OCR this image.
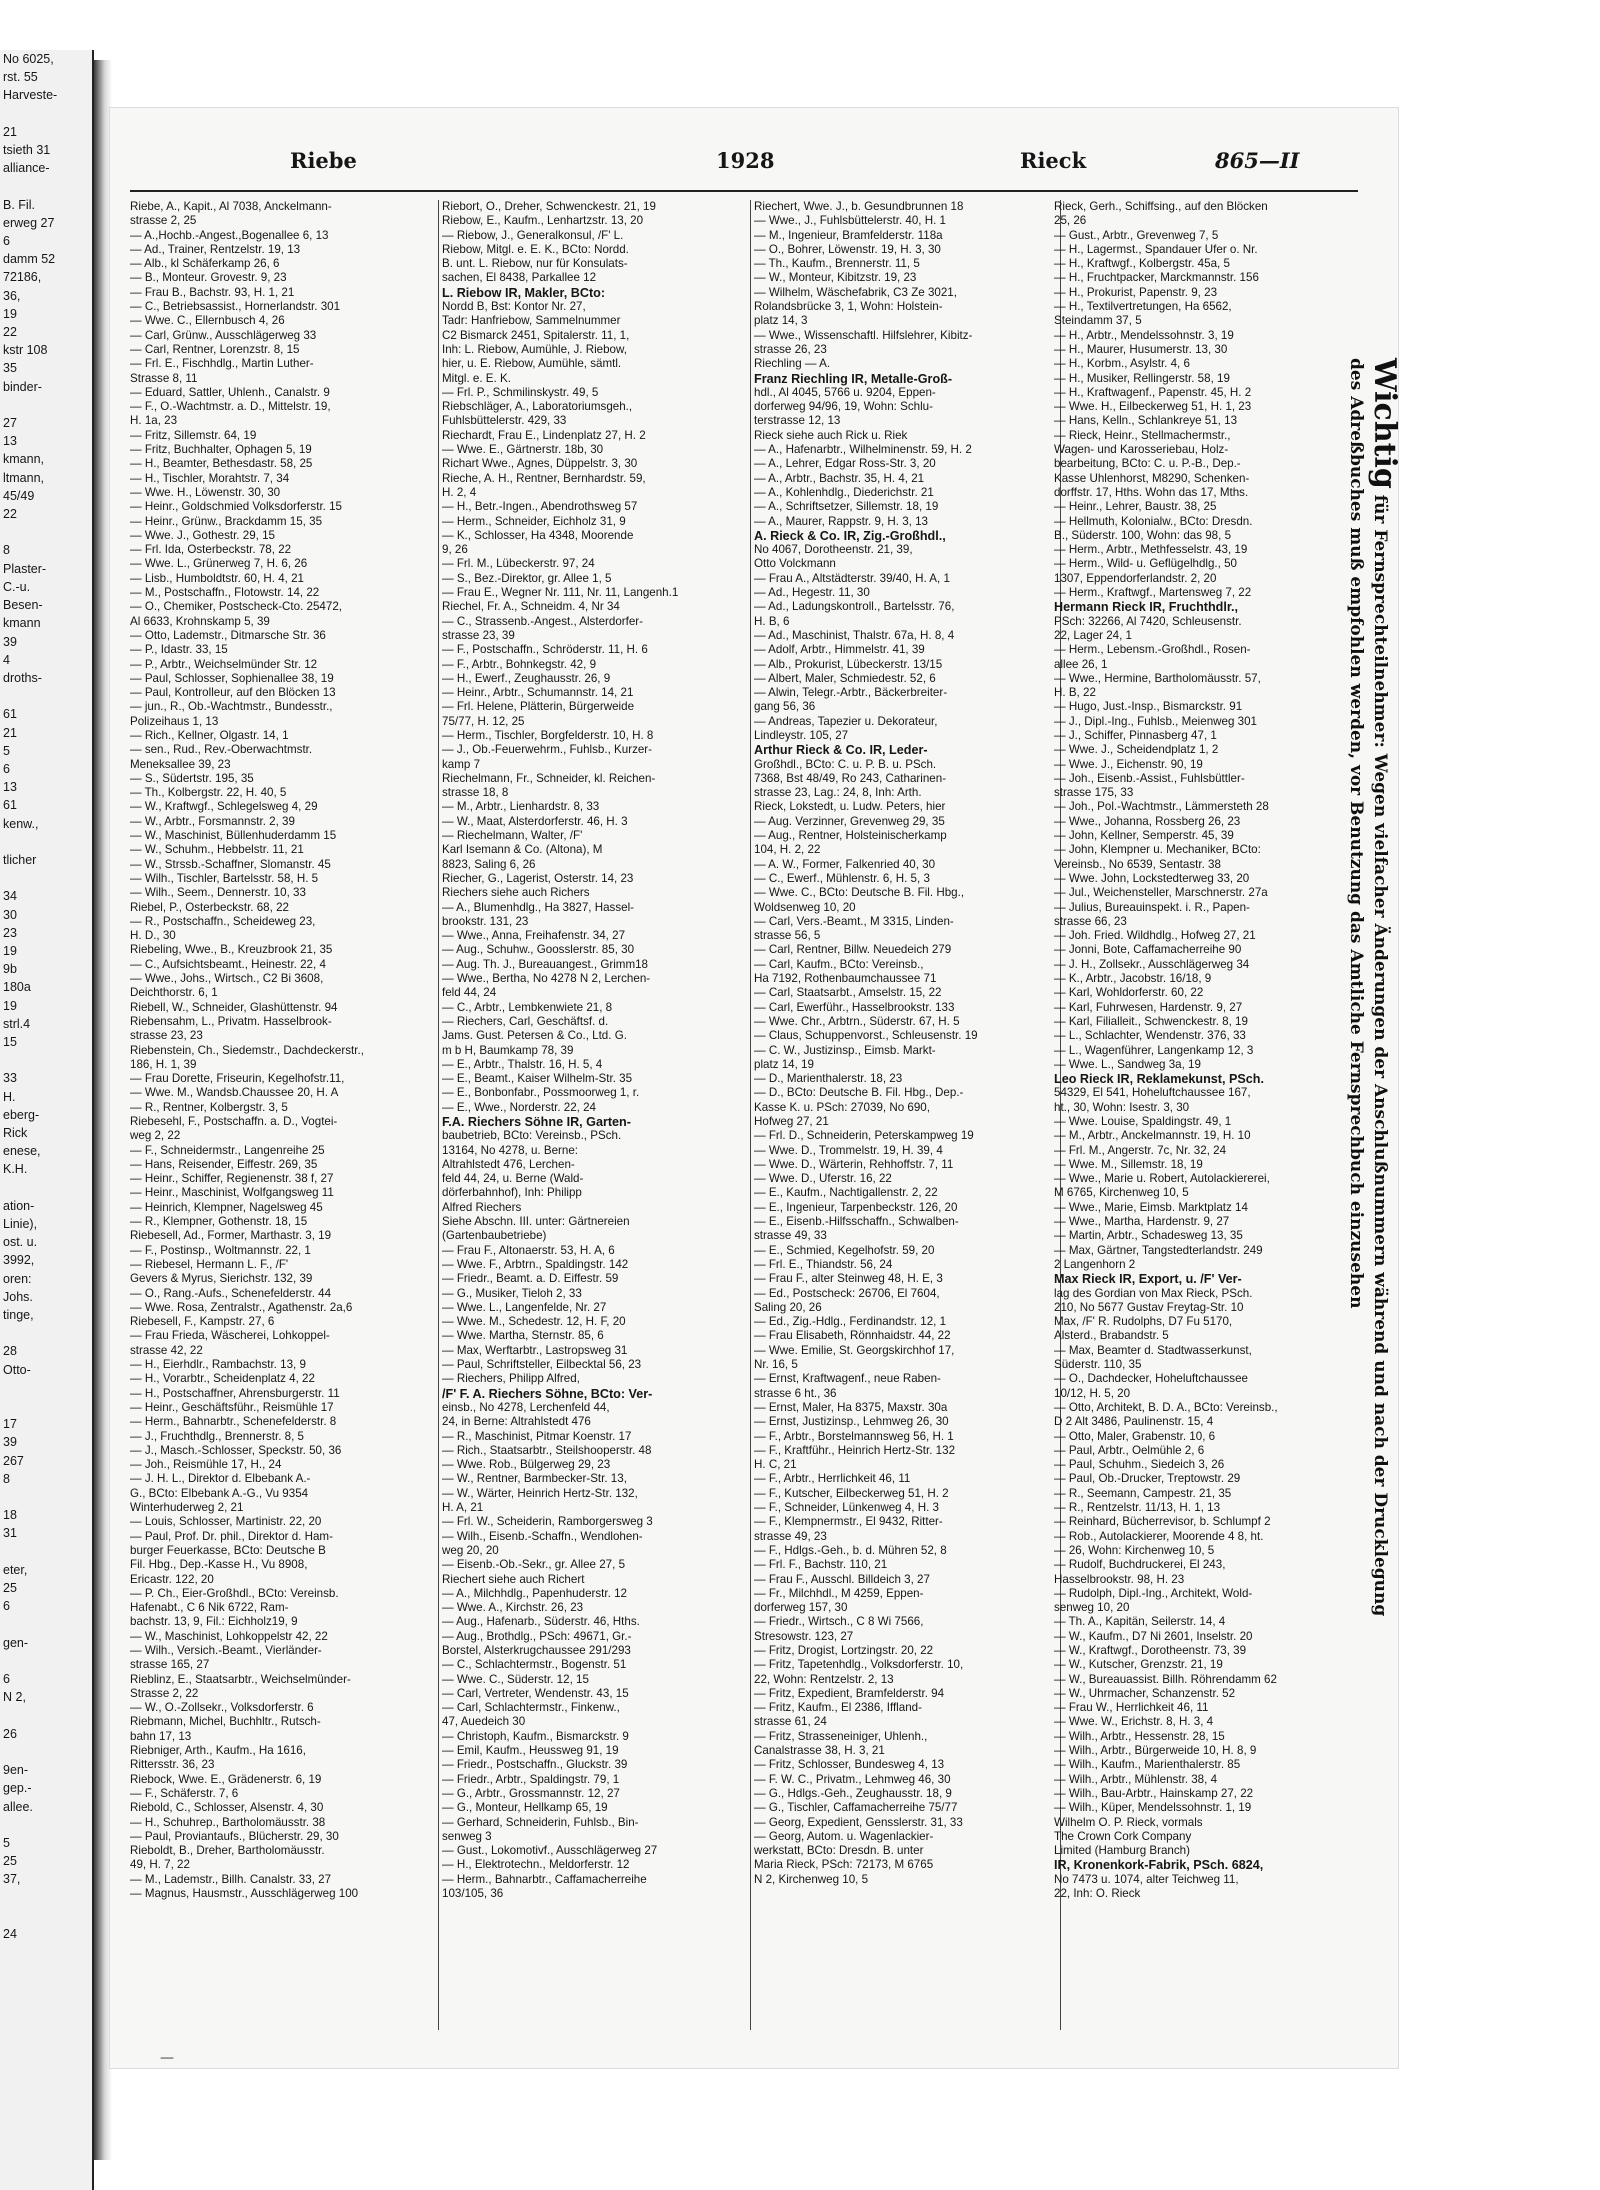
No 6025,
rst. 55
Harveste-

21
tsieth 31
alliance-

B. Fil.
erweg 27
6
damm 52
72186,
36,
19
22
kstr 108
35
binder-

27
13
kmann,
ltmann,
45/49
22

8
Plaster-
C.-u.
Besen-
kmann
39
4
droths-

61
21
5
6
13
61
kenw.,

tlicher

34
30
23
19
9b
180a
19
strl.4
15

33
H.
eberg-
Rick
enese,
K.H.

ation-
Linie),
ost. u.
3992,
oren:
Johs.
tinge,

28
Otto-

17
39
267
8

18
31

eter,
25
6

gen-

6
N 2,

26

9en-
gep.-
allee.

5
25
37,

24

Riebe	1928	Rieck	865—II
Riebe, A., Kapit., Al 7038, Anckelmann-
strasse 2, 25
— A.,Hochb.-Angest.,Bogenallee 6, 13
— Ad., Trainer, Rentzelstr. 19, 13
— Alb., kl Schäferkamp 26, 6
— B., Monteur. Grovestr. 9, 23
— Frau B., Bachstr. 93, H. 1, 21
— C., Betriebsassist., Hornerlandstr. 301
— Wwe. C., Ellernbusch 4, 26
— Carl, Grünw., Ausschlägerweg 33
— Carl, Rentner, Lorenzstr. 8, 15
— Frl. E., Fischhdlg., Martin Luther-
Strasse 8, 11
— Eduard, Sattler, Uhlenh., Canalstr. 9
— F., O.-Wachtmstr. a. D., Mittelstr. 19,
H. 1a, 23
— Fritz, Sillemstr. 64, 19
— Fritz, Buchhalter, Ophagen 5, 19
— H., Beamter, Bethesdastr. 58, 25
— H., Tischler, Morahtstr. 7, 34
— Wwe. H., Löwenstr. 30, 30
— Heinr., Goldschmied Volksdorferstr. 15
— Heinr., Grünw., Brackdamm 15, 35
— Wwe. J., Gothestr. 29, 15
— Frl. Ida, Osterbeckstr. 78, 22
— Wwe. L., Grünerweg 7, H. 6, 26
— Lisb., Humboldtstr. 60, H. 4, 21
— M., Postschaffn., Flotowstr. 14, 22
— O., Chemiker, Postscheck-Cto. 25472,
Al 6633, Krohnskamp 5, 39
— Otto, Lademstr., Ditmarsche Str. 36
— P., Idastr. 33, 15
— P., Arbtr., Weichselmünder Str. 12
— Paul, Schlosser, Sophienallee 38, 19
— Paul, Kontrolleur, auf den Blöcken 13
— jun., R., Ob.-Wachtmstr., Bundesstr.,
Polizeihaus 1, 13
— Rich., Kellner, Olgastr. 14, 1
— sen., Rud., Rev.-Oberwachtmstr.
Meneksallee 39, 23
— S., Südertstr. 195, 35
— Th., Kolbergstr. 22, H. 40, 5
— W., Kraftwgf., Schlegelsweg 4, 29
— W., Arbtr., Forsmannstr. 2, 39
— W., Maschinist, Büllenhuderdamm 15
— W., Schuhm., Hebbelstr. 11, 21
— W., Strssb.-Schaffner, Slomanstr. 45
— Wilh., Tischler, Bartelsstr. 58, H. 5
— Wilh., Seem., Dennerstr. 10, 33
Riebel, P., Osterbeckstr. 68, 22
— R., Postschaffn., Scheideweg 23,
H. D., 30
Riebeling, Wwe., B., Kreuzbrook 21, 35
— C., Aufsichtsbeamt., Heinestr. 22, 4
— Wwe., Johs., Wirtsch., C2 Bi 3608,
Deichthorstr. 6, 1
Riebell, W., Schneider, Glashüttenstr. 94
Riebensahm, L., Privatm. Hasselbrook-
strasse 23, 23
Riebenstein, Ch., Siedemstr., Dachdeckerstr.,
186, H. 1, 39
— Frau Dorette, Friseurin, Kegelhofstr.11,
— Wwe. M., Wandsb.Chaussee 20, H. A
— R., Rentner, Kolbergstr. 3, 5
Riebesehl, F., Postschaffn. a. D., Vogtei-
weg 2, 22
— F., Schneidermstr., Langenreihe 25
— Hans, Reisender, Eiffestr. 269, 35
— Heinr., Schiffer, Regienenstr. 38 f, 27
— Heinr., Maschinist, Wolfgangsweg 11
— Heinrich, Klempner, Nagelsweg 45
— R., Klempner, Gothenstr. 18, 15
Riebesell, Ad., Former, Marthastr. 3, 19
— F., Postinsp., Woltmannstr. 22, 1
— Riebesel, Hermann L. F., /F'
Gevers & Myrus, Sierichstr. 132, 39
— O., Rang.-Aufs., Schenefelderstr. 44
— Wwe. Rosa, Zentralstr., Agathenstr. 2a,6
Riebesell, F., Kampstr. 27, 6
— Frau Frieda, Wäscherei, Lohkoppel-
strasse 42, 22
— H., Eierhdlr., Rambachstr. 13, 9
— H., Vorarbtr., Scheidenplatz 4, 22
— H., Postschaffner, Ahrensburgerstr. 11
— Heinr., Geschäftsführ., Reismühle 17
— Herm., Bahnarbtr., Schenefelderstr. 8
— J., Fruchthdlg., Brennerstr. 8, 5
— J., Masch.-Schlosser, Speckstr. 50, 36
— Joh., Reismühle 17, H., 24
— J. H. L., Direktor d. Elbebank A.-
G., BCto: Elbebank A.-G., Vu 9354
Winterhuderweg 2, 21
— Louis, Schlosser, Martinistr. 22, 20
— Paul, Prof. Dr. phil., Direktor d. Ham-
burger Feuerkasse, BCto: Deutsche B
Fil. Hbg., Dep.-Kasse H., Vu 8908,
Ericastr. 122, 20
— P. Ch., Eier-Großhdl., BCto: Vereinsb.
Hafenabt., C 6 Nik 6722, Ram-
bachstr. 13, 9, Fil.: Eichholz19, 9
— W., Maschinist, Lohkoppelstr 42, 22
— Wilh., Versich.-Beamt., Vierländer-
strasse 165, 27
Rieblinz, E., Staatsarbtr., Weichselmünder-
Strasse 2, 22
— W., O.-Zollsekr., Volksdorferstr. 6
Riebmann, Michel, Buchhltr., Rutsch-
bahn 17, 13
Riebniger, Arth., Kaufm., Ha 1616,
Rittersstr. 36, 23
Riebock, Wwe. E., Grädenerstr. 6, 19
— F., Schäferstr. 7, 6
Riebold, C., Schlosser, Alsenstr. 4, 30
— H., Schuhrep., Bartholomäusstr. 38
— Paul, Proviantaufs., Blücherstr. 29, 30
Rieboldt, B., Dreher, Bartholomäusstr.
49, H. 7, 22
— M., Lademstr., Billh. Canalstr. 33, 27
— Magnus, Hausmstr., Ausschlägerweg 100
Riebort, O., Dreher, Schwenckestr. 21, 19
Riebow, E., Kaufm., Lenhartzstr. 13, 20
— Riebow, J., Generalkonsul, /F' L.
Riebow, Mitgl. e. E. K., BCto: Nordd.
B. unt. L. Riebow, nur für Konsulats-
sachen, El 8438, Parkallee 12
L. Riebow IR, Makler, BCto:
Nordd B, Bst: Kontor Nr. 27,
Tadr: Hanfriebow, Sammelnummer
C2 Bismarck 2451, Spitalerstr. 11, 1,
Inh: L. Riebow, Aumühle, J. Riebow,
hier, u. E. Riebow, Aumühle, sämtl.
Mitgl. e. E. K.
— Frl. P., Schmilinskystr. 49, 5
Riebschläger, A., Laboratoriumsgeh.,
Fuhlsbüttelerstr. 429, 33
Riechardt, Frau E., Lindenplatz 27, H. 2
— Wwe. E., Gärtnerstr. 18b, 30
Richart Wwe., Agnes, Düppelstr. 3, 30
Rieche, A. H., Rentner, Bernhardstr. 59,
H. 2, 4
— H., Betr.-Ingen., Abendrothsweg 57
— Herm., Schneider, Eichholz 31, 9
— K., Schlosser, Ha 4348, Moorende
9, 26
— Frl. M., Lübeckerstr. 97, 24
— S., Bez.-Direktor, gr. Allee 1, 5
— Frau E., Wegner Nr. 111, Nr. 11, Langenh.1
Riechel, Fr. A., Schneidm. 4, Nr 34
— C., Strassenb.-Angest., Alsterdorfer-
strasse 23, 39
— F., Postschaffn., Schröderstr. 11, H. 6
— F., Arbtr., Bohnkegstr. 42, 9
— H., Ewerf., Zeughausstr. 26, 9
— Heinr., Arbtr., Schumannstr. 14, 21
— Frl. Helene, Plätterin, Bürgerweide
75/77, H. 12, 25
— Herm., Tischler, Borgfelderstr. 10, H. 8
— J., Ob.-Feuerwehrm., Fuhlsb., Kurzer-
kamp 7
Riechelmann, Fr., Schneider, kl. Reichen-
strasse 18, 8
— M., Arbtr., Lienhardstr. 8, 33
— W., Maat, Alsterdorferstr. 46, H. 3
— Riechelmann, Walter, /F'
Karl Isemann & Co. (Altona), M
8823, Saling 6, 26
Riecher, G., Lagerist, Osterstr. 14, 23
Riechers siehe auch Richers
— A., Blumenhdlg., Ha 3827, Hassel-
brookstr. 131, 23
— Wwe., Anna, Freihafenstr. 34, 27
— Aug., Schuhw., Goosslerstr. 85, 30
— Aug. Th. J., Bureauangest., Grimm18
— Wwe., Bertha, No 4278 N 2, Lerchen-
feld 44, 24
— C., Arbtr., Lembkenwiete 21, 8
— Riechers, Carl, Geschäftsf. d.
Jams. Gust. Petersen & Co., Ltd. G.
m b H, Baumkamp 78, 39
— E., Arbtr., Thalstr. 16, H. 5, 4
— E., Beamt., Kaiser Wilhelm-Str. 35
— E., Bonbonfabr., Possmoorweg 1, r.
— E., Wwe., Norderstr. 22, 24
F.A. Riechers Söhne IR, Garten-
baubetrieb, BCto: Vereinsb., PSch.
13164, No 4278, u. Berne:
Altrahlstedt 476, Lerchen-
feld 44, 24, u. Berne (Wald-
dörferbahnhof), Inh: Philipp
Alfred Riechers
Siehe Abschn. III. unter: Gärtnereien
(Gartenbaubetriebe)
— Frau F., Altonaerstr. 53, H. A, 6
— Wwe. F., Arbtrn., Spaldingstr. 142
— Friedr., Beamt. a. D. Eiffestr. 59
— G., Musiker, Tieloh 2, 33
— Wwe. L., Langenfelde, Nr. 27
— Wwe. M., Schedestr. 12, H. F, 20
— Wwe. Martha, Sternstr. 85, 6
— Max, Werftarbtr., Lastropsweg 31
— Paul, Schriftsteller, Eilbecktal 56, 23
— Riechers, Philipp Alfred,
/F' F. A. Riechers Söhne, BCto: Ver-
einsb., No 4278, Lerchenfeld 44,
24, in Berne: Altrahlstedt 476
— R., Maschinist, Pitmar Koenstr. 17
— Rich., Staatsarbtr., Steilshooperstr. 48
— Wwe. Rob., Bülgerweg 29, 23
— W., Rentner, Barmbecker-Str. 13,
— W., Wärter, Heinrich Hertz-Str. 132,
H. A, 21
— Frl. W., Scheiderin, Ramborgersweg 3
— Wilh., Eisenb.-Schaffn., Wendlohen-
weg 20, 20
— Eisenb.-Ob.-Sekr., gr. Allee 27, 5
Riechert siehe auch Richert
— A., Milchhdlg., Papenhuderstr. 12
— Wwe. A., Kirchstr. 26, 23
— Aug., Hafenarb., Süderstr. 46, Hths.
— Aug., Brothdlg., PSch: 49671, Gr.-
Borstel, Alsterkrugchaussee 291/293
— C., Schlachtermstr., Bogenstr. 51
— Wwe. C., Süderstr. 12, 15
— Carl, Vertreter, Wendenstr. 43, 15
— Carl, Schlachtermstr., Finkenw.,
47, Auedeich 30
— Christoph, Kaufm., Bismarckstr. 9
— Emil, Kaufm., Heussweg 91, 19
— Friedr., Postschaffn., Gluckstr. 39
— Friedr., Arbtr., Spaldingstr. 79, 1
— G., Arbtr., Grossmannstr. 12, 27
— G., Monteur, Hellkamp 65, 19
— Gerhard, Schneiderin, Fuhlsb., Bin-
senweg 3
— Gust., Lokomotivf., Ausschlägerweg 27
— H., Elektrotechn., Meldorferstr. 12
— Herm., Bahnarbtr., Caffamacherreihe
103/105, 36
Riechert, Wwe. J., b. Gesundbrunnen 18
— Wwe., J., Fuhlsbüttelerstr. 40, H. 1
— M., Ingenieur, Bramfelderstr. 118a
— O., Bohrer, Löwenstr. 19, H. 3, 30
— Th., Kaufm., Brennerstr. 11, 5
— W., Monteur, Kibitzstr. 19, 23
— Wilhelm, Wäschefabrik, C3 Ze 3021,
Rolandsbrücke 3, 1, Wohn: Holstein-
platz 14, 3
— Wwe., Wissenschaftl. Hilfslehrer, Kibitz-
strasse 26, 23
Riechling — A.
Franz Riechling IR, Metalle-Groß-
hdl., Al 4045, 5766 u. 9204, Eppen-
dorferweg 94/96, 19, Wohn: Schlu-
terstrasse 12, 13
Rieck siehe auch Rick u. Riek
— A., Hafenarbtr., Wilhelminenstr. 59, H. 2
— A., Lehrer, Edgar Ross-Str. 3, 20
— A., Arbtr., Bachstr. 35, H. 4, 21
— A., Kohlenhdlg., Diederichstr. 21
— A., Schriftsetzer, Sillemstr. 18, 19
— A., Maurer, Rappstr. 9, H. 3, 13
A. Rieck & Co. IR, Zig.-Großhdl.,
No 4067, Dorotheenstr. 21, 39,
Otto Volckmann
— Frau A., Altstädterstr. 39/40, H. A, 1
— Ad., Hegestr. 11, 30
— Ad., Ladungskontroll., Bartelsstr. 76,
H. B, 6
— Ad., Maschinist, Thalstr. 67a, H. 8, 4
— Adolf, Arbtr., Himmelstr. 41, 39
— Alb., Prokurist, Lübeckerstr. 13/15
— Albert, Maler, Schmiedestr. 52, 6
— Alwin, Telegr.-Arbtr., Bäckerbreiter-
gang 56, 36
— Andreas, Tapezier u. Dekorateur,
Lindleystr. 105, 27
Arthur Rieck & Co. IR, Leder-
Großhdl., BCto: C. u. P. B. u. PSch.
7368, Bst 48/49, Ro 243, Catharinen-
strasse 23, Lag.: 24, 8, Inh: Arth.
Rieck, Lokstedt, u. Ludw. Peters, hier
— Aug. Verzinner, Grevenweg 29, 35
— Aug., Rentner, Holsteinischerkamp
104, H. 2, 22
— A. W., Former, Falkenried 40, 30
— C., Ewerf., Mühlenstr. 6, H. 5, 3
— Wwe. C., BCto: Deutsche B. Fil. Hbg.,
Woldsenweg 10, 20
— Carl, Vers.-Beamt., M 3315, Linden-
strasse 56, 5
— Carl, Rentner, Billw. Neuedeich 279
— Carl, Kaufm., BCto: Vereinsb.,
Ha 7192, Rothenbaumchaussee 71
— Carl, Staatsarbt., Amselstr. 15, 22
— Carl, Ewerführ., Hasselbrookstr. 133
— Wwe. Chr., Arbtrn., Süderstr. 67, H. 5
— Claus, Schuppenvorst., Schleusenstr. 19
— C. W., Justizinsp., Eimsb. Markt-
platz 14, 19
— D., Marienthalerstr. 18, 23
— D., BCto: Deutsche B. Fil. Hbg., Dep.-
Kasse K. u. PSch: 27039, No 690,
Hofweg 27, 21
— Frl. D., Schneiderin, Peterskampweg 19
— Wwe. D., Trommelstr. 19, H. 39, 4
— Wwe. D., Wärterin, Rehhoffstr. 7, 11
— Wwe. D., Uferstr. 16, 22
— E., Kaufm., Nachtigallenstr. 2, 22
— E., Ingenieur, Tarpenbeckstr. 126, 20
— E., Eisenb.-Hilfsschaffn., Schwalben-
strasse 49, 33
— E., Schmied, Kegelhofstr. 59, 20
— Frl. E., Thiandstr. 56, 24
— Frau F., alter Steinweg 48, H. E, 3
— Ed., Postscheck: 26706, El 7604,
Saling 20, 26
— Ed., Zig.-Hdlg., Ferdinandstr. 12, 1
— Frau Elisabeth, Rönnhaidstr. 44, 22
— Wwe. Emilie, St. Georgskirchhof 17,
Nr. 16, 5
— Ernst, Kraftwagenf., neue Raben-
strasse 6 ht., 36
— Ernst, Maler, Ha 8375, Maxstr. 30a
— Ernst, Justizinsp., Lehmweg 26, 30
— F., Arbtr., Borstelmannsweg 56, H. 1
— F., Kraftführ., Heinrich Hertz-Str. 132
H. C, 21
— F., Arbtr., Herrlichkeit 46, 11
— F., Kutscher, Eilbeckerweg 51, H. 2
— F., Schneider, Lünkenweg 4, H. 3
— F., Klempnermstr., El 9432, Ritter-
strasse 49, 23
— F., Hdlgs.-Geh., b. d. Mühren 52, 8
— Frl. F., Bachstr. 110, 21
— Frau F., Ausschl. Billdeich 3, 27
— Fr., Milchhdl., M 4259, Eppen-
dorferweg 157, 30
— Friedr., Wirtsch., C 8 Wi 7566,
Stresowstr. 123, 27
— Fritz, Drogist, Lortzingstr. 20, 22
— Fritz, Tapetenhdlg., Volksdorferstr. 10,
22, Wohn: Rentzelstr. 2, 13
— Fritz, Expedient, Bramfelderstr. 94
— Fritz, Kaufm., El 2386, Iffland-
strasse 61, 24
— Fritz, Strasseneiniger, Uhlenh.,
Canalstrasse 38, H. 3, 21
— Fritz, Schlosser, Bundesweg 4, 13
— F. W. C., Privatm., Lehmweg 46, 30
— G., Hdlgs.-Geh., Zeughausstr. 18, 9
— G., Tischler, Caffamacherreihe 75/77
— Georg, Expedient, Gensslerstr. 31, 33
— Georg, Autom. u. Wagenlackier-
werkstatt, BCto: Dresdn. B. unter
Maria Rieck, PSch: 72173, M 6765
N 2, Kirchenweg 10, 5
Rieck, Gerh., Schiffsing., auf den Blöcken
25, 26
— Gust., Arbtr., Grevenweg 7, 5
— H., Lagermst., Spandauer Ufer o. Nr.
— H., Kraftwgf., Kolbergstr. 45a, 5
— H., Fruchtpacker, Marckmannstr. 156
— H., Prokurist, Papenstr. 9, 23
— H., Textilvertretungen, Ha 6562,
Steindamm 37, 5
— H., Arbtr., Mendelssohnstr. 3, 19
— H., Maurer, Husumerstr. 13, 30
— H., Korbm., Asylstr. 4, 6
— H., Musiker, Rellingerstr. 58, 19
— H., Kraftwagenf., Papenstr. 45, H. 2
— Wwe. H., Eilbeckerweg 51, H. 1, 23
— Hans, Kelln., Schlankreye 51, 13
— Rieck, Heinr., Stellmachermstr.,
Wagen- und Karosseriebau, Holz-
bearbeitung, BCto: C. u. P.-B., Dep.-
Kasse Uhlenhorst, M8290, Schenken-
dorffstr. 17, Hths. Wohn das 17, Mths.
— Heinr., Lehrer, Baustr. 38, 25
— Hellmuth, Kolonialw., BCto: Dresdn.
B., Süderstr. 100, Wohn: das 98, 5
— Herm., Arbtr., Methfesselstr. 43, 19
— Herm., Wild- u. Geflügelhdlg., 50
1307, Eppendorferlandstr. 2, 20
— Herm., Kraftwgf., Martensweg 7, 22
Hermann Rieck IR, Fruchthdlr.,
PSch: 32266, Al 7420, Schleusenstr.
22, Lager 24, 1
— Herm., Lebensm.-Großhdl., Rosen-
allee 26, 1
— Wwe., Hermine, Bartholomäusstr. 57,
H. B, 22
— Hugo, Just.-Insp., Bismarckstr. 91
— J., Dipl.-Ing., Fuhlsb., Meienweg 301
— J., Schiffer, Pinnasberg 47, 1
— Wwe. J., Scheidendplatz 1, 2
— Wwe. J., Eichenstr. 90, 19
— Joh., Eisenb.-Assist., Fuhlsbüttler-
strasse 175, 33
— Joh., Pol.-Wachtmstr., Lämmersteth 28
— Wwe., Johanna, Rossberg 26, 23
— John, Kellner, Semperstr. 45, 39
— John, Klempner u. Mechaniker, BCto:
Vereinsb., No 6539, Sentastr. 38
— Wwe. John, Lockstedterweg 33, 20
— Jul., Weichensteller, Marschnerstr. 27a
— Julius, Bureauinspekt. i. R., Papen-
strasse 66, 23
— Joh. Fried. Wildhdlg., Hofweg 27, 21
— Jonni, Bote, Caffamacherreihe 90
— J. H., Zollsekr., Ausschlägerweg 34
— K., Arbtr., Jacobstr. 16/18, 9
— Karl, Wohldorferstr. 60, 22
— Karl, Fuhrwesen, Hardenstr. 9, 27
— Karl, Filialleit., Schwenckestr. 8, 19
— L., Schlachter, Wendenstr. 376, 33
— L., Wagenführer, Langenkamp 12, 3
— Wwe. L., Sandweg 3a, 19
Leo Rieck IR, Reklamekunst, PSch.
54329, El 541, Hoheluftchaussee 167,
ht., 30, Wohn: Isestr. 3, 30
— Wwe. Louise, Spaldingstr. 49, 1
— M., Arbtr., Anckelmannstr. 19, H. 10
— Frl. M., Angerstr. 7c, Nr. 32, 24
— Wwe. M., Sillemstr. 18, 19
— Wwe., Marie u. Robert, Autolackiererei,
M 6765, Kirchenweg 10, 5
— Wwe., Marie, Eimsb. Marktplatz 14
— Wwe., Martha, Hardenstr. 9, 27
— Martin, Arbtr., Schadesweg 13, 35
— Max, Gärtner, Tangstedterlandstr. 249
2 Langenhorn 2
Max Rieck IR, Export, u. /F' Ver-
lag des Gordian von Max Rieck, PSch.
210, No 5677 Gustav Freytag-Str. 10
Max, /F' R. Rudolphs, D7 Fu 5170,
Alsterd., Brabandstr. 5
— Max, Beamter d. Stadtwasserkunst,
Süderstr. 110, 35
— O., Dachdecker, Hoheluftchaussee
10/12, H. 5, 20
— Otto, Architekt, B. D. A., BCto: Vereinsb.,
D 2 Alt 3486, Paulinenstr. 15, 4
— Otto, Maler, Grabenstr. 10, 6
— Paul, Arbtr., Oelmühle 2, 6
— Paul, Schuhm., Siedeich 3, 26
— Paul, Ob.-Drucker, Treptowstr. 29
— R., Seemann, Campestr. 21, 35
— R., Rentzelstr. 11/13, H. 1, 13
— Reinhard, Bücherrevisor, b. Schlumpf 2
— Rob., Autolackierer, Moorende 4 8, ht.
— 26, Wohn: Kirchenweg 10, 5
— Rudolf, Buchdruckerei, El 243,
Hasselbrookstr. 98, H. 23
— Rudolph, Dipl.-Ing., Architekt, Wold-
senweg 10, 20
— Th. A., Kapitän, Seilerstr. 14, 4
— W., Kaufm., D7 Ni 2601, Inselstr. 20
— W., Kraftwgf., Dorotheenstr. 73, 39
— W., Kutscher, Grenzstr. 21, 19
— W., Bureauassist. Billh. Röhrendamm 62
— W., Uhrmacher, Schanzenstr. 52
— Frau W., Herrlichkeit 46, 11
— Wwe. W., Erichstr. 8, H. 3, 4
— Wilh., Arbtr., Hessenstr. 28, 15
— Wilh., Arbtr., Bürgerweide 10, H. 8, 9
— Wilh., Kaufm., Marienthalerstr. 85
— Wilh., Arbtr., Mühlenstr. 38, 4
— Wilh., Bau-Arbtr., Hainskamp 27, 22
— Wilh., Küper, Mendelssohnstr. 1, 19
Wilhelm O. P. Rieck, vormals
The Crown Cork Company
Limited (Hamburg Branch)
IR, Kronenkork-Fabrik, PSch. 6824,
No 7473 u. 1074, alter Teichweg 11,
22, Inh: O. Rieck
Wichtig für Fernsprechteilnehmer: Wegen vielfacher Änderungen der Anschlußnummern während und nach der Drucklegung
des Adreßbuches muß empfohlen werden, vor Benutzung das Amtliche Fernsprechbuch einzusehen
—
